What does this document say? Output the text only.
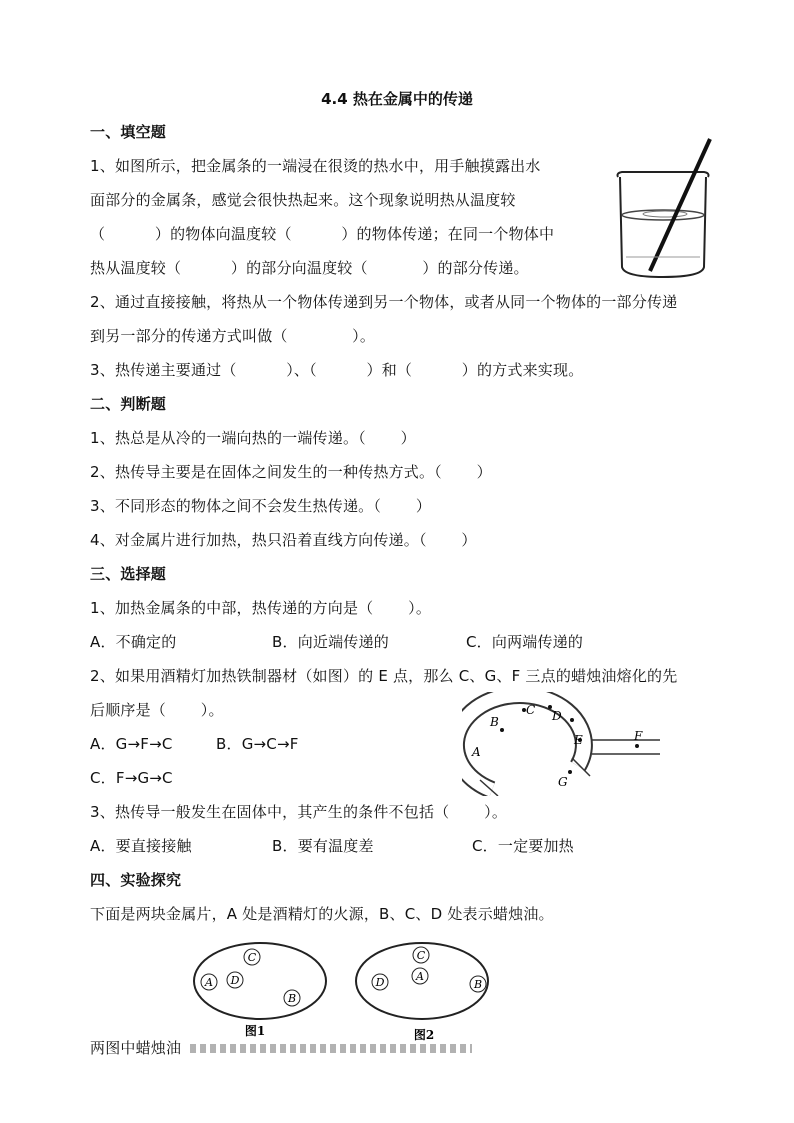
4.4 热在金属中的传递
一、填空题
1、如图所示，把金属条的一端浸在很烫的热水中，用手触摸露出水
面部分的金属条，感觉会很快热起来。这个现象说明热从温度较
（          ）的物体向温度较（          ）的物体传递；在同一个物体中
热从温度较（          ）的部分向温度较（           ）的部分传递。
2、通过直接接触，将热从一个物体传递到另一个物体，或者从同一个物体的一部分传递
到另一部分的传递方式叫做（             ）。
3、热传递主要通过（          ）、（          ）和（          ）的方式来实现。
二、判断题
1、热总是从冷的一端向热的一端传递。（       ）
2、热传导主要是在固体之间发生的一种传热方式。（       ）
3、不同形态的物体之间不会发生热传递。（       ）
4、对金属片进行加热，热只沿着直线方向传递。（       ）
三、选择题
1、加热金属条的中部，热传递的方向是（       ）。
A．不确定的	B．向近端传递的	C．向两端传递的
2、如果用酒精灯加热铁制器材（如图）的 E 点，那么 C、G、F 三点的蜡烛油熔化的先
后顺序是（       ）。
A．G→F→C	B．G→C→F
C．F→G→C
3、热传导一般发生在固体中，其产生的条件不包括（       ）。
A．要直接接触	B．要有温度差	C．一定要加热
A
B
C D
E	F
G
四、实验探究
下面是两块金属片，A 处是酒精灯的火源，B、C、D 处表示蜡烛油。
C
A D
B
图1
C
A
D	B
图2
两图中蜡烛油
